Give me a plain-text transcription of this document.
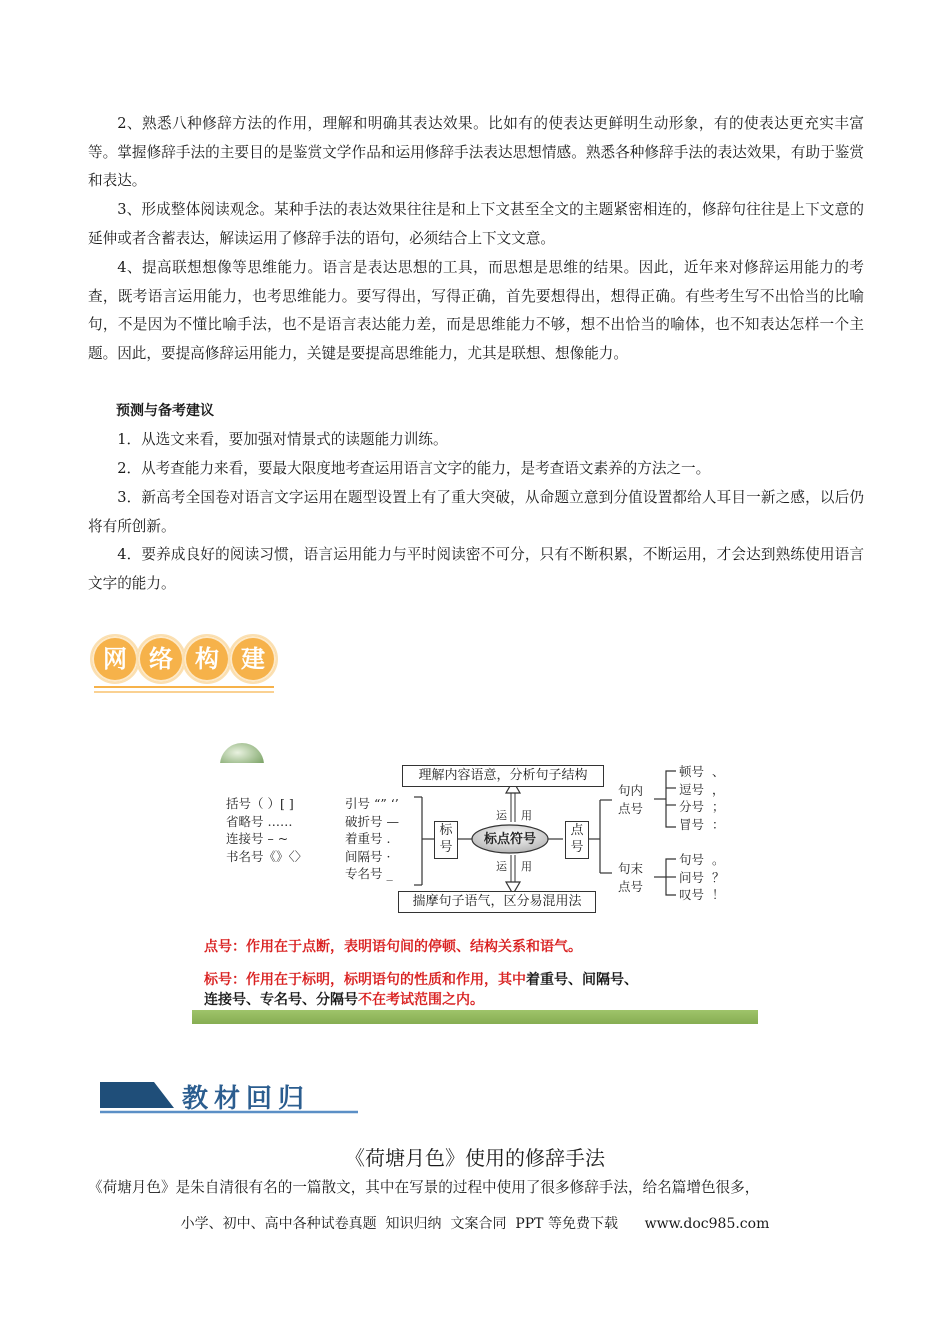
2、熟悉八种修辞方法的作用，理解和明确其表达效果。比如有的使表达更鲜明生动形象，有的使表达更充实丰富等。掌握修辞手法的主要目的是鉴赏文学作品和运用修辞手法表达思想情感。熟悉各种修辞手法的表达效果，有助于鉴赏和表达。

3、形成整体阅读观念。某种手法的表达效果往往是和上下文甚至全文的主题紧密相连的，修辞句往往是上下文意的延伸或者含蓄表达，解读运用了修辞手法的语句，必须结合上下文文意。

4、提高联想想像等思维能力。语言是表达思想的工具，而思想是思维的结果。因此，近年来对修辞运用能力的考查，既考语言运用能力，也考思维能力。要写得出，写得正确，首先要想得出，想得正确。有些考生写不出恰当的比喻句，不是因为不懂比喻手法，也不是语言表达能力差，而是思维能力不够，想不出恰当的喻体，也不知表达怎样一个主题。因此，要提高修辞运用能力，关键是要提高思维能力，尤其是联想、想像能力。

预测与备考建议

1．从选文来看，要加强对情景式的读题能力训练。

2．从考查能力来看，要最大限度地考查运用语言文字的能力，是考查语文素养的方法之一。

3．新高考全国卷对语言文字运用在题型设置上有了重大突破，从命题立意到分值设置都给人耳目一新之感，以后仍将有所创新。

4．要养成良好的阅读习惯，语言运用能力与平时阅读密不可分，只有不断积累，不断运用，才会达到熟练使用语言文字的能力。

网 络 构 建
理解内容语意，分析句子结构
揣摩句子语气，区分易混用法
标点符号
运 用
运 用
标
号
点
号
括号（ ）[ ]
省略号 ……
连接号 – ~
书名号《》〈〉
引号 “” ‘’
破折号 —
着重号 .
间隔号 ·
专名号 _
句内
点号
句末
点号
顿号  、
逗号  ，
分号  ；
冒号  ：
句号  。
问号  ？
叹号  ！
点号：作用在于点断，表明语句间的停顿、结构关系和语气。
标号：作用在于标明，标明语句的性质和作用，其中着重号、间隔号、
连接号、专名号、分隔号不在考试范围之内。
教材回归
《荷塘月色》使用的修辞手法

《荷塘月色》是朱自清很有名的一篇散文，其中在写景的过程中使用了很多修辞手法，给名篇增色很多，

小学、初中、高中各种试卷真题  知识归纳  文案合同  PPT 等免费下载      www.doc985.com
